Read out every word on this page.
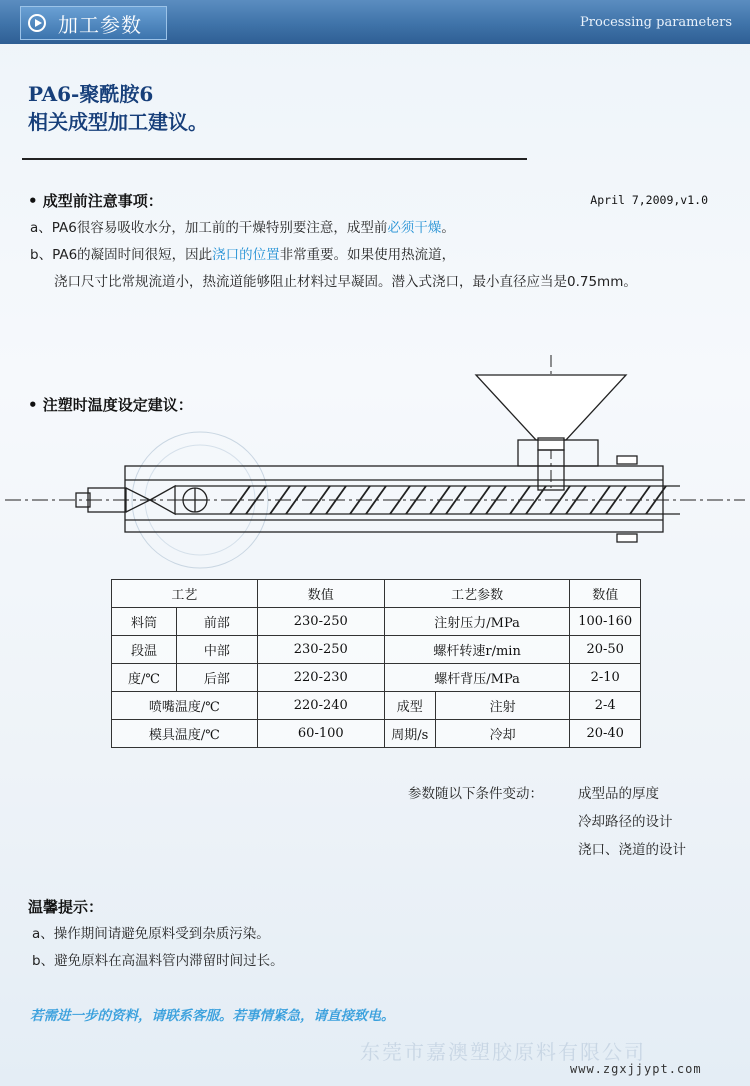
加工参数	Processing parameters
PA6-聚酰胺6
相关成型加工建议。
• 成型前注意事项：	April 7,2009,v1.0
a、PA6很容易吸收水分，加工前的干燥特别要注意，成型前必须干燥。
b、PA6的凝固时间很短，因此浇口的位置非常重要。如果使用热流道，
浇口尺寸比常规流道小，热流道能够阻止材料过早凝固。潜入式浇口，最小直径应当是0.75mm。
• 注塑时温度设定建议：
工艺		数值	工艺参数		数值
料筒	前部	230-250	注射压力/MPa		100-160
段温	中部	230-250	螺杆转速r/min		20-50
度/℃	后部	220-230	螺杆背压/MPa		2-10
喷嘴温度/℃		220-240	成型	注射	2-4
模具温度/℃		60-100	周期/s	冷却	20-40
参数随以下条件变动：	成型品的厚度
冷却路径的设计
浇口、浇道的设计
温馨提示：
a、操作期间请避免原料受到杂质污染。
b、避免原料在高温料管内滞留时间过长。
若需进一步的资料，请联系客服。若事情紧急，请直接致电。
东莞市嘉澳塑胶原料有限公司
www.zgxjjypt.com
